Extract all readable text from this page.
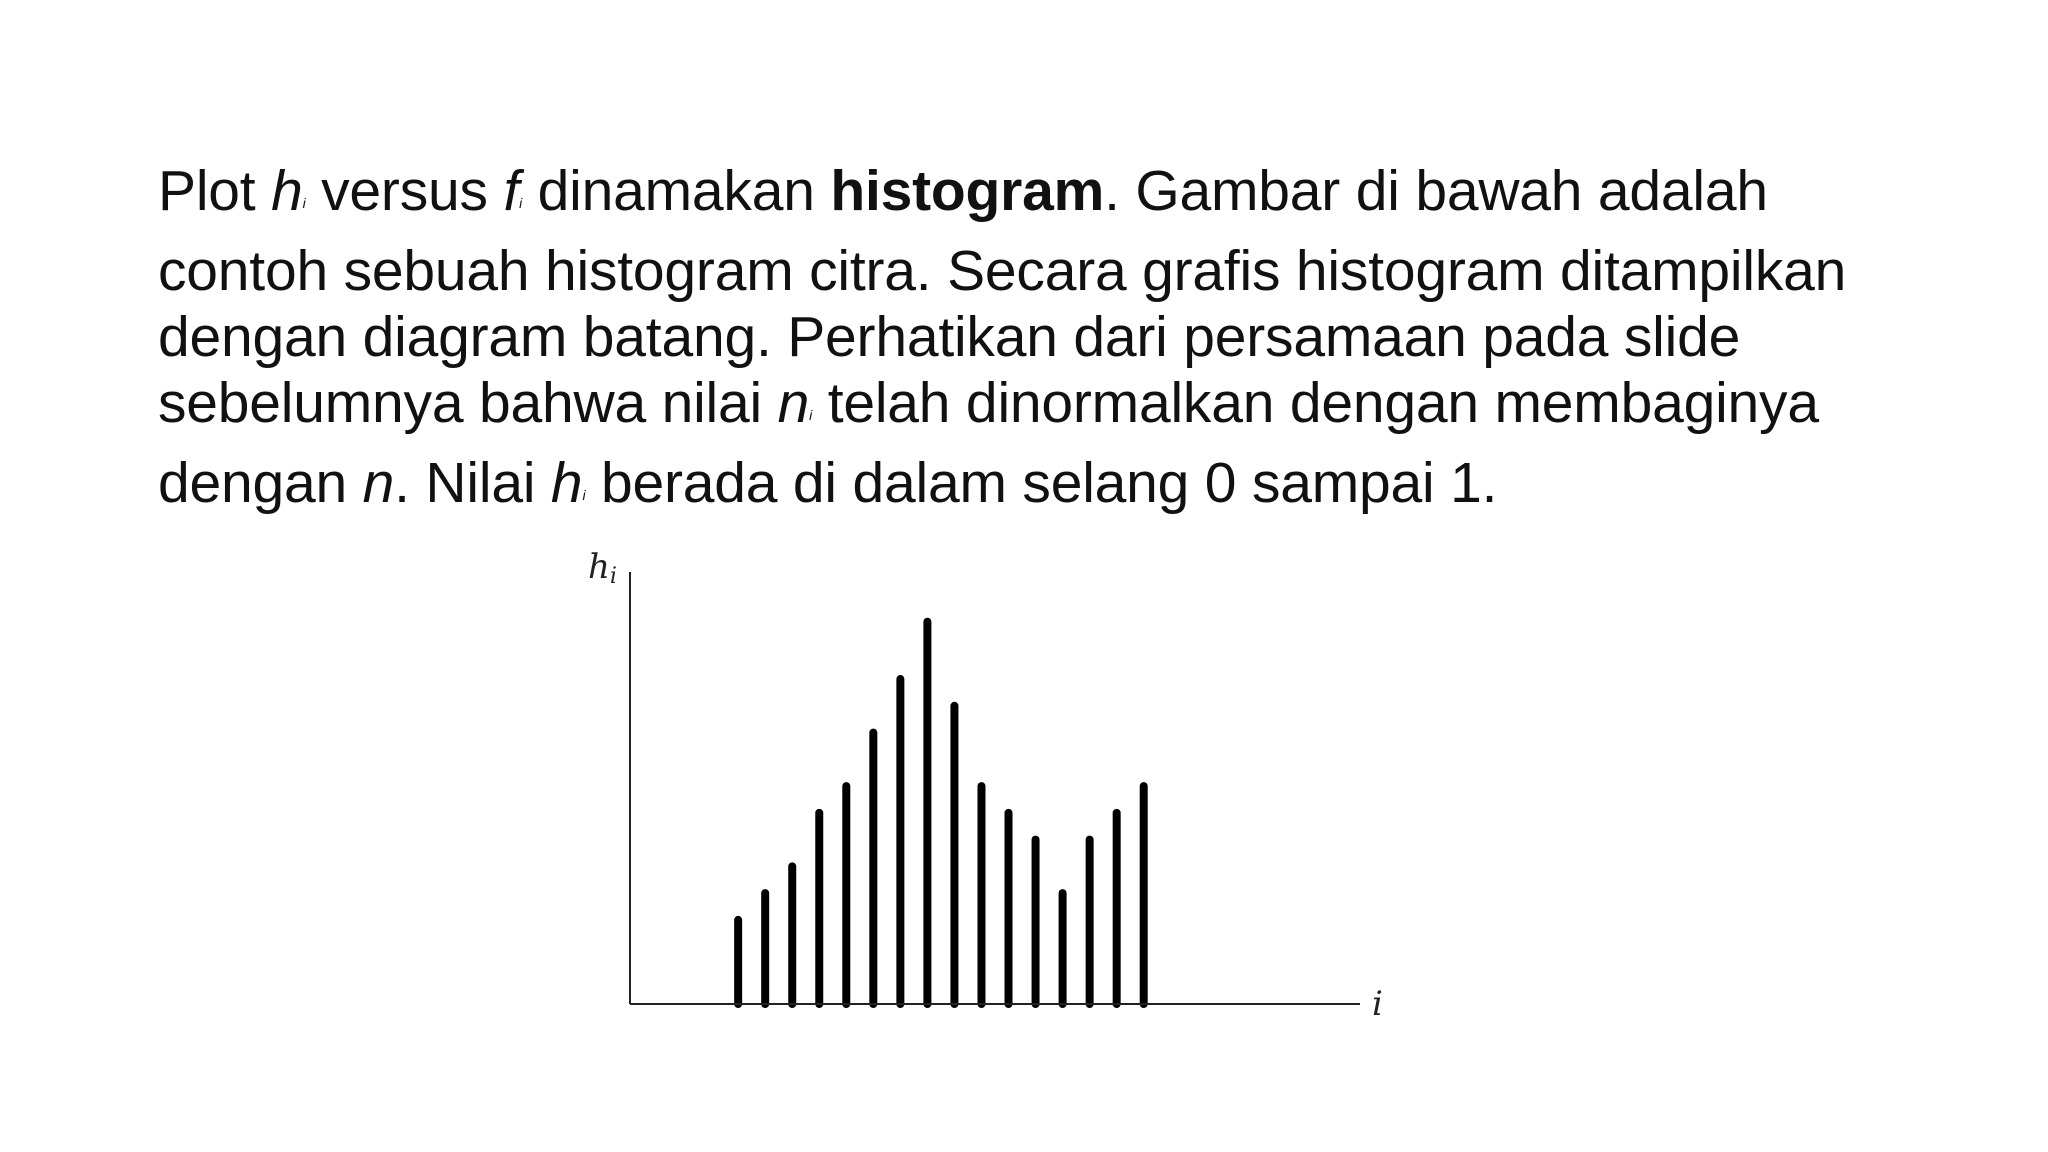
Plot $h_i$ versus $f_i$ dinamakan histogram. Gambar di bawah adalah
contoh sebuah histogram citra. Secara grafis histogram ditampilkan
dengan diagram batang. Perhatikan dari persamaan pada slide
sebelumnya bahwa nilai $n_i$ telah dinormalkan dengan membaginya
dengan n. Nilai $h_i$ berada di dalam selang 0 sampai 1.
hi
i
